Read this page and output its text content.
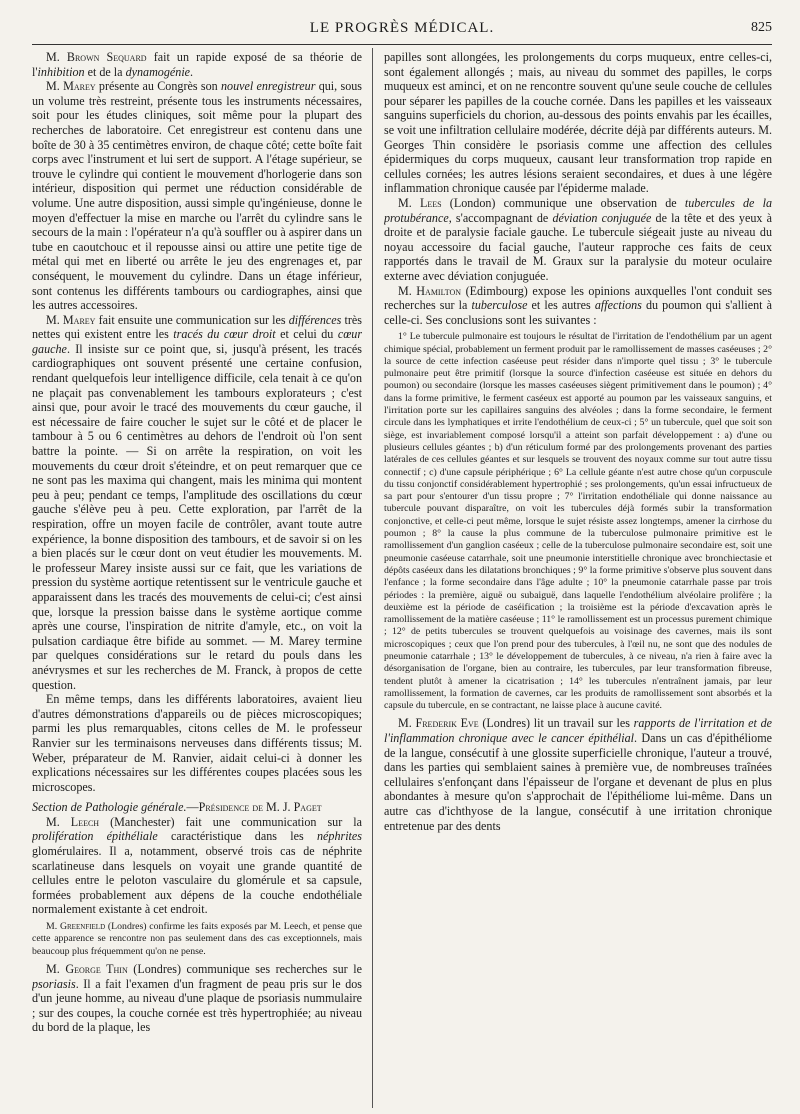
LE PROGRÈS MÉDICAL.	825

M. Brown Sequard fait un rapide exposé de sa théorie de l'inhibition et de la dynamogénie.

M. Marey présente au Congrès son nouvel enregistreur qui, sous un volume très restreint, présente tous les instruments nécessaires, soit pour les études cliniques, soit même pour la plupart des recherches de laboratoire. Cet enregistreur est contenu dans une boîte de 30 à 35 centimètres environ, de chaque côté; cette boîte fait corps avec l'instrument et lui sert de support. A l'étage supérieur, se trouve le cylindre qui contient le mouvement d'horlogerie dans son intérieur, disposition qui permet une réduction considérable de volume. Une autre disposition, aussi simple qu'ingénieuse, donne le moyen d'effectuer la mise en marche ou l'arrêt du cylindre sans le secours de la main : l'opérateur n'a qu'à souffler ou à aspirer dans un tube en caoutchouc et il repousse ainsi ou attire une petite tige de métal qui met en liberté ou arrête le jeu des engrenages et, par conséquent, le mouvement du cylindre. Dans un étage inférieur, sont contenus les différents tambours ou cardiographes, ainsi que les autres accessoires.

M. Marey fait ensuite une communication sur les différences très nettes qui existent entre les tracés du cœur droit et celui du cœur gauche. Il insiste sur ce point que, si, jusqu'à présent, les tracés cardiographiques ont souvent présenté une certaine confusion, rendant quelquefois leur intelligence difficile, cela tenait à ce qu'on ne plaçait pas convenablement les tambours explorateurs ; c'est ainsi que, pour avoir le tracé des mouvements du cœur gauche, il est nécessaire de faire coucher le sujet sur le côté et de placer le tambour à 5 ou 6 centimètres au dehors de l'endroit où l'on sent battre la pointe. — Si on arrête la respiration, on voit les mouvements du cœur droit s'éteindre, et on peut remarquer que ce ne sont pas les maxima qui changent, mais les minima qui montent peu à peu; pendant ce temps, l'amplitude des oscillations du cœur gauche s'élève peu à peu. Cette exploration, par l'arrêt de la respiration, offre un moyen facile de contrôler, avant toute autre expérience, la bonne disposition des tambours, et de savoir si on les a bien placés sur le cœur dont on veut étudier les mouvements. M. le professeur Marey insiste aussi sur ce fait, que les variations de pression du système aortique retentissent sur le ventricule gauche et apparaissent dans les tracés des mouvements de celui-ci; c'est ainsi que, lorsque la pression baisse dans le système aortique comme après une course, l'inspiration de nitrite d'amyle, etc., on voit la pulsation cardiaque être bifide au sommet. — M. Marey termine par quelques considérations sur le retard du pouls dans les anévrysmes et sur les recherches de M. Franck, à propos de cette question.

En même temps, dans les différents laboratoires, avaient lieu d'autres démonstrations d'appareils ou de pièces microscopiques; parmi les plus remarquables, citons celles de M. le professeur Ranvier sur les terminaisons nerveuses dans différents tissus; M. Weber, préparateur de M. Ranvier, aidait celui-ci à donner les explications nécessaires sur les différentes coupes placées sous les microscopes.

Section de Pathologie générale.—Présidence de M. J. Paget

M. Leech (Manchester) fait une communication sur la prolifération épithéliale caractéristique dans les néphrites glomérulaires. Il a, notamment, observé trois cas de néphrite scarlatineuse dans lesquels on voyait une grande quantité de cellules entre le peloton vasculaire du glomérule et sa capsule, formées probablement aux dépens de la couche endothéliale normalement existante à cet endroit.

M. Greenfield (Londres) confirme les faits exposés par M. Leech, et pense que cette apparence se rencontre non pas seulement dans des cas exceptionnels, mais beaucoup plus fréquemment qu'on ne pense.

M. George Thin (Londres) communique ses recherches sur le psoriasis. Il a fait l'examen d'un fragment de peau pris sur le dos d'un jeune homme, au niveau d'une plaque de psoriasis nummulaire ; sur des coupes, la couche cornée est très hypertrophiée; au niveau du bord de la plaque, les

papilles sont allongées, les prolongements du corps muqueux, entre celles-ci, sont également allongés ; mais, au niveau du sommet des papilles, le corps muqueux est aminci, et on ne rencontre souvent qu'une seule couche de cellules pour séparer les papilles de la couche cornée. Dans les papilles et les vaisseaux sanguins superficiels du chorion, au-dessous des points envahis par les écailles, se voit une infiltration cellulaire modérée, décrite déjà par différents auteurs. M. Georges Thin considère le psoriasis comme une affection des cellules épidermiques du corps muqueux, causant leur transformation trop rapide en cellules cornées; les autres lésions seraient secondaires, et dues à une légère inflammation chronique causée par l'épiderme malade.

M. Lees (London) communique une observation de tubercules de la protubérance, s'accompagnant de déviation conjuguée de la tête et des yeux à droite et de paralysie faciale gauche. Le tubercule siégeait juste au niveau du noyau accessoire du facial gauche, l'auteur rapproche ces faits de ceux rapportés dans le travail de M. Graux sur la paralysie du moteur oculaire externe avec déviation conjuguée.

M. Hamilton (Edimbourg) expose les opinions auxquelles l'ont conduit ses recherches sur la tuberculose et les autres affections du poumon qui s'allient à celle-ci. Ses conclusions sont les suivantes :

1° Le tubercule pulmonaire est toujours le résultat de l'irritation de l'endothélium par un agent chimique spécial, probablement un ferment produit par le ramollissement de masses caséeuses ; 2° la source de cette infection caséeuse peut résider dans n'importe quel tissu ; 3° le tubercule pulmonaire peut être primitif (lorsque la source d'infection caséeuse est située en dehors du poumon) ou secondaire (lorsque les masses caséeuses siègent primitivement dans le poumon) ; 4° dans la forme primitive, le ferment caséeux est apporté au poumon par les vaisseaux sanguins, et l'irritation porte sur les capillaires sanguins des alvéoles ; dans la forme secondaire, le ferment circule dans les lymphatiques et irrite l'endothélium de ceux-ci ; 5° un tubercule, quel que soit son siège, est invariablement composé lorsqu'il a atteint son parfait développement : a) d'une ou plusieurs cellules géantes ; b) d'un réticulum formé par des prolongements provenant des parties latérales de ces cellules géantes et sur lesquels se trouvent des noyaux comme sur tout autre tissu connectif ; c) d'une capsule périphérique ; 6° La cellule géante n'est autre chose qu'un corpuscule du tissu conjonctif considérablement hypertrophié ; ses prolongements, qu'un essai infructueux de sa part pour s'entourer d'un tissu propre ; 7° l'irritation endothéliale qui donne naissance au tubercule pouvant disparaître, on voit les tubercules déjà formés subir la transformation conjonctive, et celle-ci peut même, lorsque le sujet résiste assez longtemps, amener la cirrhose du poumon ; 8° la cause la plus commune de la tuberculose pulmonaire primitive est le ramollissement d'un ganglion caséeux ; celle de la tuberculose pulmonaire secondaire est, soit une pneumonie caséeuse catarrhale, soit une pneumonie interstitielle chronique avec bronchiectasie et dépôts caséeux dans les dilatations bronchiques ; 9° la forme primitive s'observe plus souvent dans l'enfance ; la forme secondaire dans l'âge adulte ; 10° la pneumonie catarrhale passe par trois périodes : la première, aiguë ou subaiguë, dans laquelle l'endothélium alvéolaire prolifère ; la deuxième est la période de caséification ; la troisième est la période d'excavation après le ramollissement de la matière caséeuse ; 11° le ramollissement est un processus purement chimique ; 12° de petits tubercules se trouvent quelquefois au voisinage des cavernes, mais ils sont microscopiques ; ceux que l'on prend pour des tubercules, à l'œil nu, ne sont que des nodules de pneumonie catarrhale ; 13° le développement de tubercules, à ce niveau, n'a rien à faire avec la désorganisation de l'organe, bien au contraire, les tubercules, par leur transformation fibreuse, tendent plutôt à amener la cicatrisation ; 14° les tubercules n'entraînent jamais, par leur ramollissement, la formation de cavernes, car les produits de ramollissement sont absorbés et la capsule du tubercule, en se contractant, ne laisse place à aucune cavité.

M. Frederik Eve (Londres) lit un travail sur les rapports de l'irritation et de l'inflammation chronique avec le cancer épithélial. Dans un cas d'épithéliome de la langue, consécutif à une glossite superficielle chronique, l'auteur a trouvé, dans les parties qui semblaient saines à première vue, de nombreuses traînées cellulaires s'enfonçant dans l'épaisseur de l'organe et devenant de plus en plus abondantes à mesure qu'on s'approchait de l'épithéliome lui-même. Dans un autre cas d'ichthyose de la langue, consécutif à une irritation chronique entretenue par des dents
